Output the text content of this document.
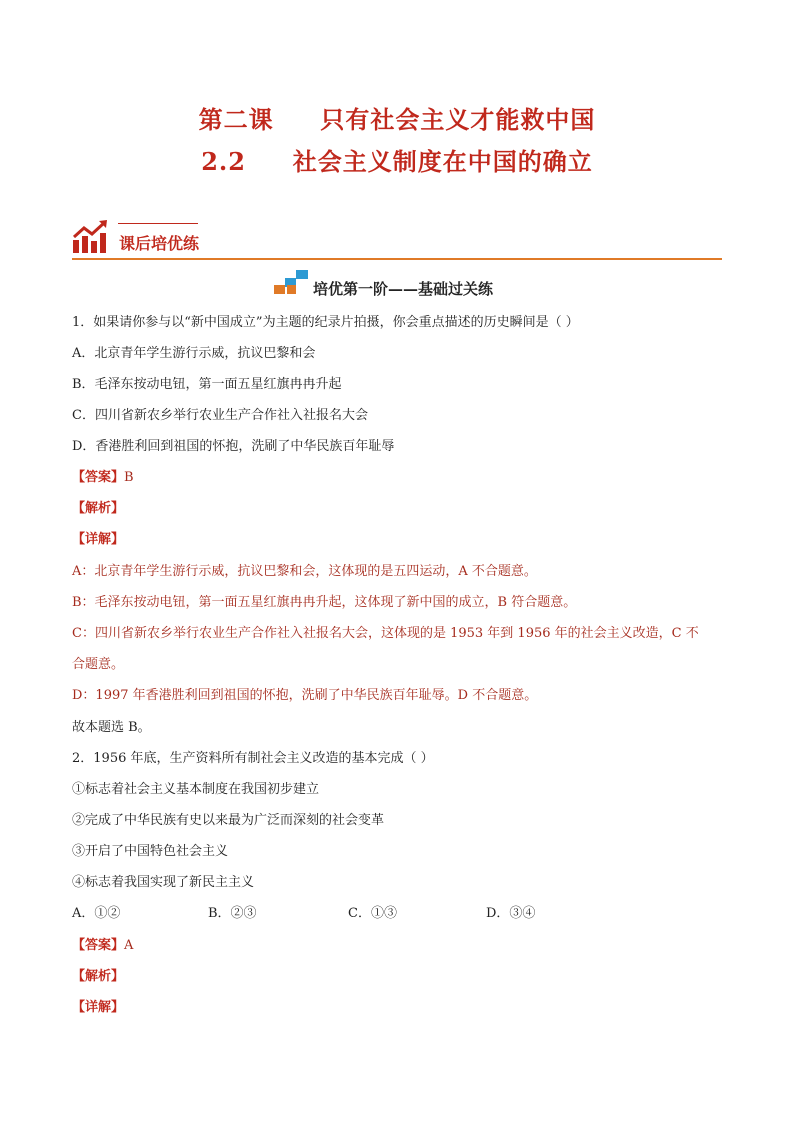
第二课     只有社会主义才能救中国
2.2     社会主义制度在中国的确立
课后培优练
培优第一阶——基础过关练
1．如果请你参与以“新中国成立”为主题的纪录片拍摄，你会重点描述的历史瞬间是（ ）
A．北京青年学生游行示威，抗议巴黎和会
B．毛泽东按动电钮，第一面五星红旗冉冉升起
C．四川省新农乡举行农业生产合作社入社报名大会
D．香港胜利回到祖国的怀抱，洗刷了中华民族百年耻辱
【答案】B
【解析】
【详解】
A：北京青年学生游行示威，抗议巴黎和会，这体现的是五四运动，A 不合题意。
B：毛泽东按动电钮，第一面五星红旗冉冉升起，这体现了新中国的成立，B 符合题意。
C：四川省新农乡举行农业生产合作社入社报名大会，这体现的是 1953 年到 1956 年的社会主义改造，C 不
合题意。
D：1997 年香港胜利回到祖国的怀抱，洗刷了中华民族百年耻辱。D 不合题意。
故本题选 B。
2．1956 年底，生产资料所有制社会主义改造的基本完成（ ）
①标志着社会主义基本制度在我国初步建立
②完成了中华民族有史以来最为广泛而深刻的社会变革
③开启了中国特色社会主义
④标志着我国实现了新民主主义
A．①②	B．②③	C．①③	D．③④
【答案】A
【解析】
【详解】
